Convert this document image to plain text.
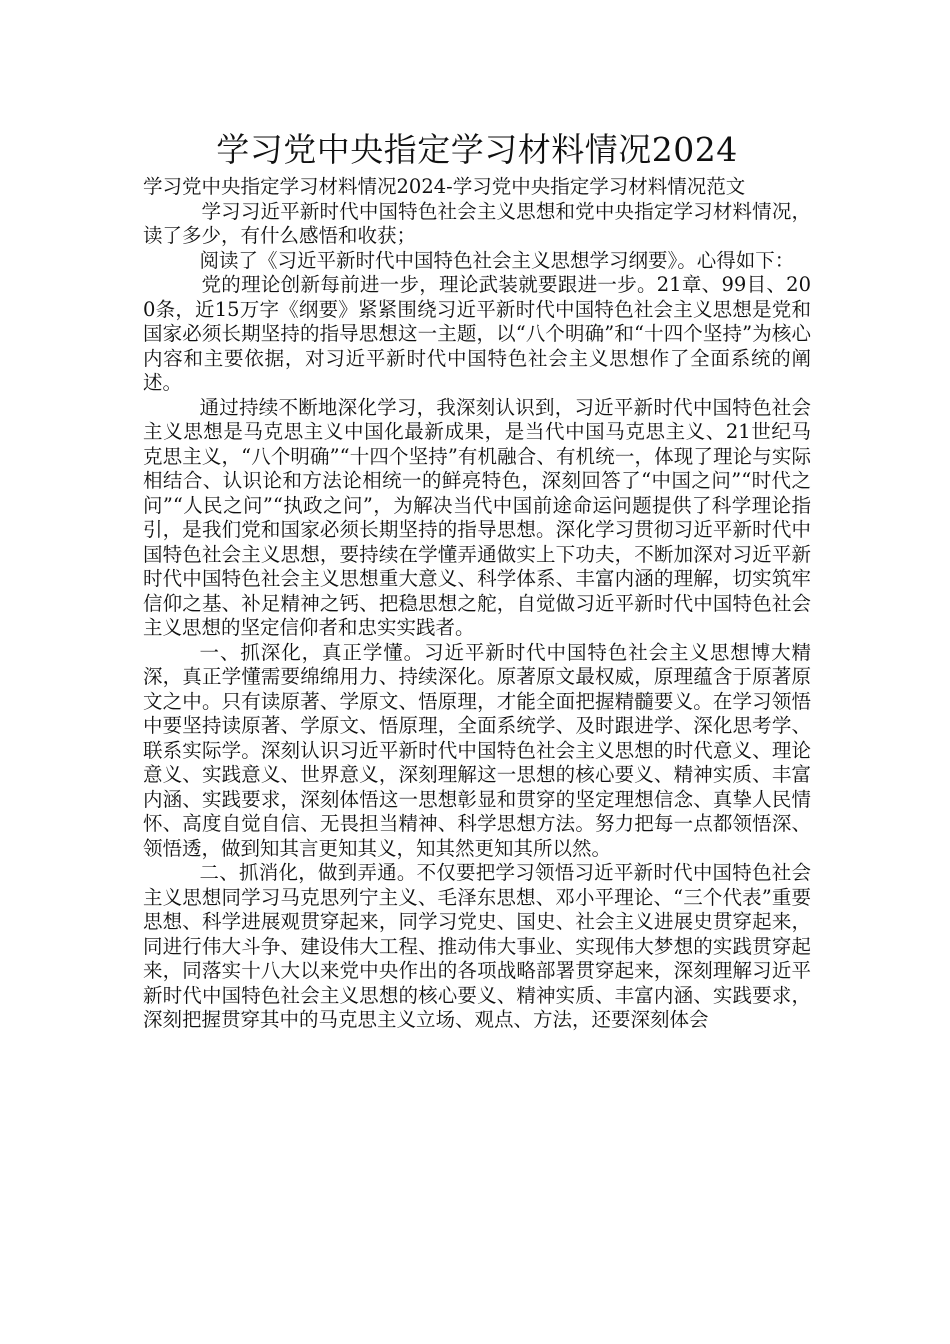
学习党中央指定学习材料情况2024

学习党中央指定学习材料情况2024-学习党中央指定学习材料情况范文

学习习近平新时代中国特色社会主义思想和党中央指定学习材料情况，读了多少，有什么感悟和收获；

阅读了《习近平新时代中国特色社会主义思想学习纲要》。心得如下：

党的理论创新每前进一步，理论武装就要跟进一步。21章、99目、200条，近15万字《纲要》紧紧围绕习近平新时代中国特色社会主义思想是党和国家必须长期坚持的指导思想这一主题，以“八个明确”和“十四个坚持”为核心内容和主要依据，对习近平新时代中国特色社会主义思想作了全面系统的阐述。

通过持续不断地深化学习，我深刻认识到，习近平新时代中国特色社会主义思想是马克思主义中国化最新成果，是当代中国马克思主义、21世纪马克思主义，“八个明确”“十四个坚持”有机融合、有机统一，体现了理论与实际相结合、认识论和方法论相统一的鲜亮特色，深刻回答了“中国之问”“时代之问”“人民之问”“执政之问”，为解决当代中国前途命运问题提供了科学理论指引，是我们党和国家必须长期坚持的指导思想。深化学习贯彻习近平新时代中国特色社会主义思想，要持续在学懂弄通做实上下功夫，不断加深对习近平新时代中国特色社会主义思想重大意义、科学体系、丰富内涵的理解，切实筑牢信仰之基、补足精神之钙、把稳思想之舵，自觉做习近平新时代中国特色社会主义思想的坚定信仰者和忠实实践者。

一、抓深化，真正学懂。习近平新时代中国特色社会主义思想博大精深，真正学懂需要绵绵用力、持续深化。原著原文最权威，原理蕴含于原著原文之中。只有读原著、学原文、悟原理，才能全面把握精髓要义。在学习领悟中要坚持读原著、学原文、悟原理，全面系统学、及时跟进学、深化思考学、联系实际学。深刻认识习近平新时代中国特色社会主义思想的时代意义、理论意义、实践意义、世界意义，深刻理解这一思想的核心要义、精神实质、丰富内涵、实践要求，深刻体悟这一思想彰显和贯穿的坚定理想信念、真挚人民情怀、高度自觉自信、无畏担当精神、科学思想方法。努力把每一点都领悟深、领悟透，做到知其言更知其义，知其然更知其所以然。

二、抓消化，做到弄通。不仅要把学习领悟习近平新时代中国特色社会主义思想同学习马克思列宁主义、毛泽东思想、邓小平理论、“三个代表”重要思想、科学进展观贯穿起来，同学习党史、国史、社会主义进展史贯穿起来，同进行伟大斗争、建设伟大工程、推动伟大事业、实现伟大梦想的实践贯穿起来，同落实十八大以来党中央作出的各项战略部署贯穿起来，深刻理解习近平新时代中国特色社会主义思想的核心要义、精神实质、丰富内涵、实践要求，深刻把握贯穿其中的马克思主义立场、观点、方法，还要深刻体会
